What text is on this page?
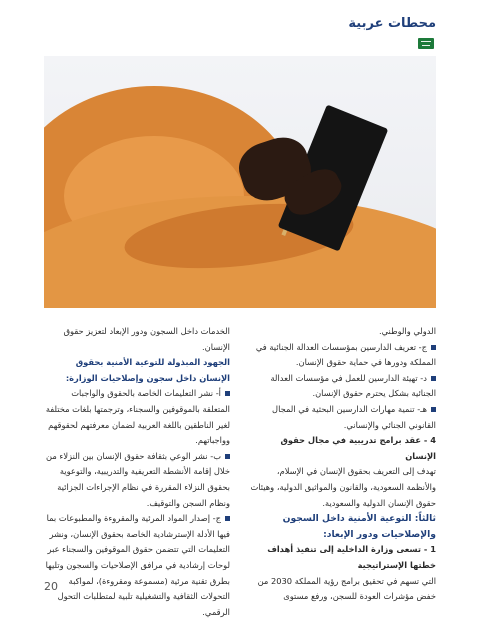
محطات عربية

الدولي والوطني.

ج- تعريف الدارسين بمؤسسات العدالة الجنائية في المملكة ودورها في حماية حقوق الإنسان.

د- تهيئة الدارسين للعمل في مؤسسات العدالة الجنائية بشكل يحترم حقوق الإنسان.

هـ- تنمية مهارات الدارسين البحثية في المجال القانوني الجنائي والإنساني.

4 - عقد برامج تدريبية في مجال حقوق الإنسان

تهدف إلى التعريف بحقوق الإنسان في الإسلام، والأنظمة السعودية، والقانون والمواثيق الدولية، وهيئات حقوق الإنسان الدولية والسعودية.

ثالثاً: التوعية الأمنية داخل السجون والإصلاحيات ودور الإبعاد:

1 - تسعى وزارة الداخلية إلى تنفيذ أهداف خطتها الإستراتيجية

التي تسهم في تحقيق برامج رؤية المملكة 2030 من خفض مؤشرات العودة للسجن، ورفع مستوى

الخدمات داخل السجون ودور الإبعاد لتعزيز حقوق الإنسان.

الجهود المبذولة للتوعية الأمنية بحقوق الإنسان داخل سجون وإصلاحيات الوزارة:

أ- نشر التعليمات الخاصة بالحقوق والواجبات المتعلقة بالموقوفين والسجناء، وترجمتها بلغات مختلفة لغير الناطقين باللغة العربية لضمان معرفتهم لحقوقهم وواجباتهم.

ب- نشر الوعي بثقافة حقوق الإنسان بين النزلاء من خلال إقامة الأنشطة التعريفية والتدريبية، والتوعوية بحقوق النزلاء المقررة في نظام الإجراءات الجزائية ونظام السجن والتوقيف.

ج- إصدار المواد المرئية والمقروءة والمطبوعات بما فيها الأدلة الإسترشادية الخاصة بحقوق الإنسان، ونشر التعليمات التي تتضمن حقوق الموقوفين والسجناء عبر لوحات إرشادية في مرافق الإصلاحيات والسجون وتليها بطرق تقنية مرئية (مسموعة ومقروءة)، لمواكبة التحولات الثقافية والتشغيلية تلبية لمتطلبات التحول الرقمي.

20
